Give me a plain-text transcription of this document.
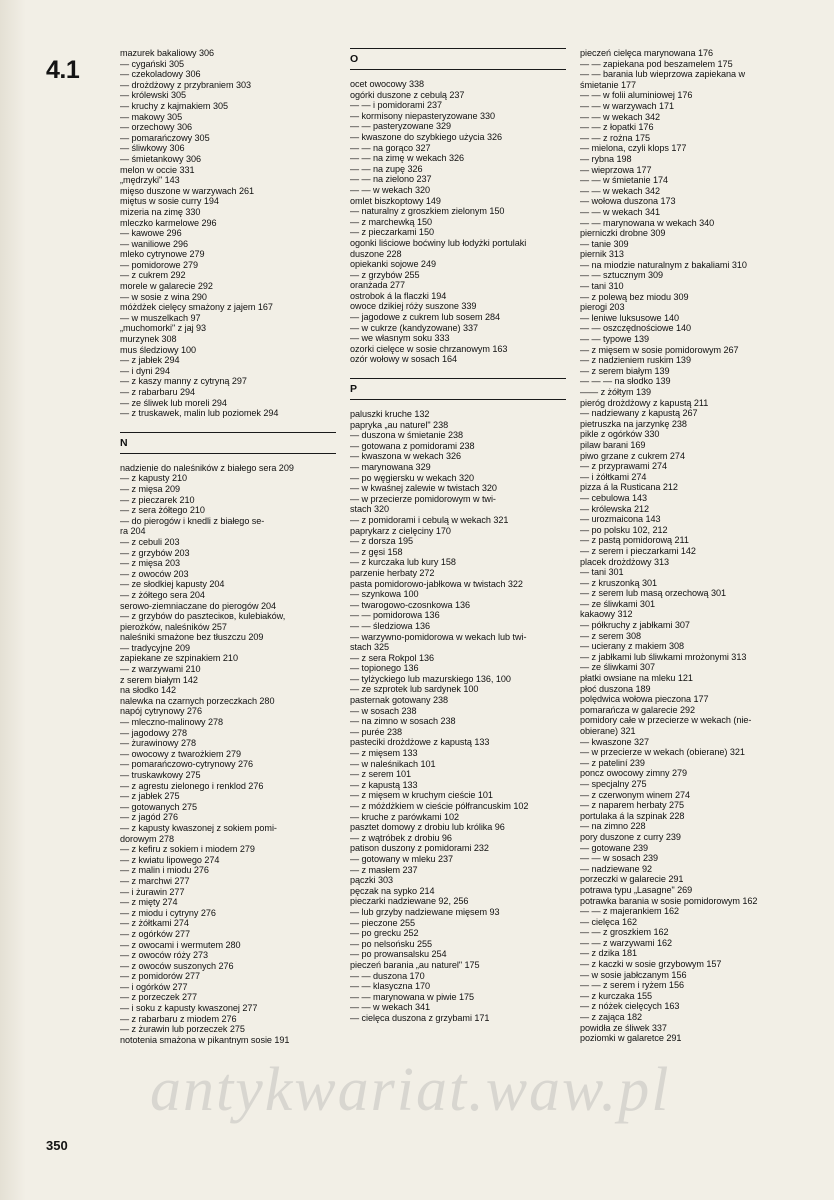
4.1
350
mazurek bakaliowy 306
— cygański 305
— czekoladowy 306
— drożdżowy z przybraniem 303
— królewski 305
— kruchy z kajmakiem 305
— makowy 305
— orzechowy 306
— pomarańczowy 305
— śliwkowy 306
— śmietankowy 306
melon w occie 331
„mędrzyki" 143
mięso duszone w warzywach 261
miętus w sosie curry 194
mizeria na zimę 330
mleczko karmelowe 296
— kawowe 296
— waniliowe 296
mleko cytrynowe 279
— pomidorowe 279
— z cukrem 292
morele w galarecie 292
— w sosie z wina 290
móżdżek cielęcy smażony z jajem 167
— w muszelkach 97
„muchomorki" z jaj 93
murzynek 308
mus śledziowy 100
— z jabłek 294
— i dyni 294
— z kaszy manny z cytryną 297
— z rabarbaru 294
— ze śliwek lub moreli 294
— z truskawek, malin lub poziomek 294
N
nadzienie do naleśników z białego sera 209
— z kapusty 210
— z mięsa 209
— z pieczarek 210
— z sera żółtego 210
— do pierogów i knedli z białego se-
ra 204
— z cebuli 203
— z grzybów 203
— z mięsa 203
— z owoców 203
— ze słodkiej kapusty 204
— z żółtego sera 204
serowo-ziemniaczane do pierogów 204
— z grzybów do paszteciков, kulebiaków,
pierożków, naleśników 257
naleśniki smażone bez tłuszczu 209
— tradycyjne 209
zapiekane ze szpinakiem 210
— z warzywami 210
z serem białym 142
na słodko 142
nalewka na czarnych porzeczkach 280
napój cytrynowy 276
— mleczno-malinowy 278
— jagodowy 278
— żurawinowy 278
— owocowy z twarożkiem 279
— pomarańczowo-cytrynowy 276
— truskawkowy 275
— z agrestu zielonego i renklod 276
— z jabłek 275
— gotowanych 275
— z jagód 276
— z kapusty kwaszonej z sokiem pomi-
dorowym 278
— z kefiru z sokiem i miodem 279
— z kwiatu lipowego 274
— z malin i miodu 276
— z marchwi 277
— i żurawin 277
— z mięty 274
— z miodu i cytryny 276
— z żółtkami 274
— z ogórków 277
— z owocami i wermutem 280
— z owoców róży 273
— z owoców suszonych 276
— z pomidorów 277
— i ogórków 277
— z porzeczek 277
— i soku z kapusty kwaszonej 277
— z rabarbaru z miodem 276
— z żurawin lub porzeczek 275
nototenia smażona w pikantnym sosie 191
O
ocet owocowy 338
ogórki duszone z cebulą 237
— — i pomidorami 237
— kormisony niepasteryzowane 330
— — pasteryzowane 329
— kwaszone do szybkiego użycia 326
— — na gorąco 327
— — na zimę w wekach 326
— — na zupę 326
— — na zielono 237
— — w wekach 320
omlet biszkoptowy 149
— naturalny z groszkiem zielonym 150
— z marchewką 150
— z pieczarkami 150
ogonki liściowe boćwiny lub łodyżki portulaki
duszone 228
opiekanki sojowe 249
— z grzybów 255
oranżada 277
ostrobok á la flaczki 194
owoce dzikiej róży suszone 339
— jagodowe z cukrem lub sosem 284
— w cukrze (kandyzowane) 337
— we własnym soku 333
ozorki cielęce w sosie chrzanowym 163
ozór wołowy w sosach 164
P
paluszki kruche 132
papryka „au naturel" 238
— duszona w śmietanie 238
— gotowana z pomidorami 238
— kwaszona w wekach 326
— marynowana 329
— po węgiersku w wekach 320
— w kwaśnej zalewie w twistach 320
— w przecierze pomidorowym w twi-
stach 320
— z pomidorami i cebulą w wekach 321
paprykarz z cielęciny 170
— z dorsza 195
— z gęsi 158
— z kurczaka lub kury 158
parzenie herbaty 272
pasta pomidorowo-jabłkowa w twistach 322
— szynkowa 100
— twarogowo-czosnkowa 136
— — pomidorowa 136
— — śledziowa 136
— warzywno-pomidorowa w wekach lub twi-
stach 325
— z sera Rokpol 136
— topionego 136
— tylżyckiego lub mazurskiego 136, 100
— ze szprotek lub sardynek 100
pasternak gotowany 238
— w sosach 238
— na zimno w sosach 238
— purée 238
pasteciki drożdżowe z kapustą 133
— z mięsem 133
— w naleśnikach 101
— z serem 101
— z kapustą 133
— z mięsem w kruchym cieście 101
— z móżdżkiem w cieście półfrancuskim 102
— kruche z parówkami 102
pasztet domowy z drobiu lub królika 96
— z wątróbek z drobiu 96
patison duszony z pomidorami 232
— gotowany w mleku 237
— z masłem 237
pączki 303
pęczak na sypko 214
pieczarki nadziewane 92, 256
— lub grzyby nadziewane mięsem 93
— pieczone 255
— po grecku 252
— po nelsońsku 255
— po prowansalsku 254
pieczeń barania „au naturel" 175
— — duszona 170
— — klasyczna 170
— — marynowana w piwie 175
— — w wekach 341
— cielęca duszona z grzybami 171
pieczeń cielęca marynowana 176
— — zapiekana pod beszamelem 175
— — barania lub wieprzowa zapiekana w
śmietanie 177
— — w folii aluminiowej 176
— — w warzywach 171
— — w wekach 342
— — z łopatki 176
— — z rożna 175
— mielona, czyli klops 177
— rybna 198
— wieprzowa 177
— — w śmietanie 174
— — w wekach 342
— wołowa duszona 173
— — w wekach 341
— — marynowana w wekach 340
pierniczki drobne 309
— tanie 309
piernik 313
— na miodzie naturalnym z bakaliami 310
— — sztucznym 309
— tani 310
— z polewą bez miodu 309
pierogi 203
— leniwe luksusowe 140
— — oszczędnościowe 140
— — typowe 139
— z mięsem w sosie pomidorowym 267
— z nadzieniem ruskim 139
— z serem białym 139
— — — na słodko 139
—— z żółtym 139
pieróg drożdżowy z kapustą 211
— nadziewany z kapustą 267
pietruszka na jarzynkę 238
pikle z ogórków 330
pilaw barani 169
piwo grzane z cukrem 274
— z przyprawami 274
— i żółtkami 274
pizza á la Rusticana 212
— cebulowa 143
— królewska 212
— urozmaicona 143
— po polsku 102, 212
— z pastą pomidorową 211
— z serem i pieczarkami 142
placek drożdżowy 313
— tani 301
— z kruszonką 301
— z serem lub masą orzechową 301
— ze śliwkami 301
kakaowy 312
— półkruchy z jabłkami 307
— z serem 308
— ucierany z makiem 308
— z jabłkami lub śliwkami mrożonymi 313
— ze śliwkami 307
płatki owsiane na mleku 121
płoć duszona 189
polędwica wołowa pieczona 177
pomarańcza w galarecie 292
pomidory całe w przecierze w wekach (nie-
obierane) 321
— kwaszone 327
— w przecierze w wekach (obierane) 321
— z pateliní 239
poncz owocowy zimny 279
— specjalny 275
— z czerwonym winem 274
— z naparem herbaty 275
portulaka á la szpinak 228
— na zimno 228
pory duszone z curry 239
— gotowane 239
— — w sosach 239
— nadziewane 92
porzeczki w galarecie 291
potrawa typu „Lasagne" 269
potrawka barania w sosie pomidorowym 162
— — z majerankiem 162
— cielęca 162
— — z groszkiem 162
— — z warzywami 162
— z dzika 181
— z kaczki w sosie grzybowym 157
— w sosie jabłczanym 156
— — z serem i ryżem 156
— z kurczaka 155
— z nóżek cielęcych 163
— z zająca 182
powidła ze śliwek 337
poziomki w galaretce 291
antykwariat.waw.pl
